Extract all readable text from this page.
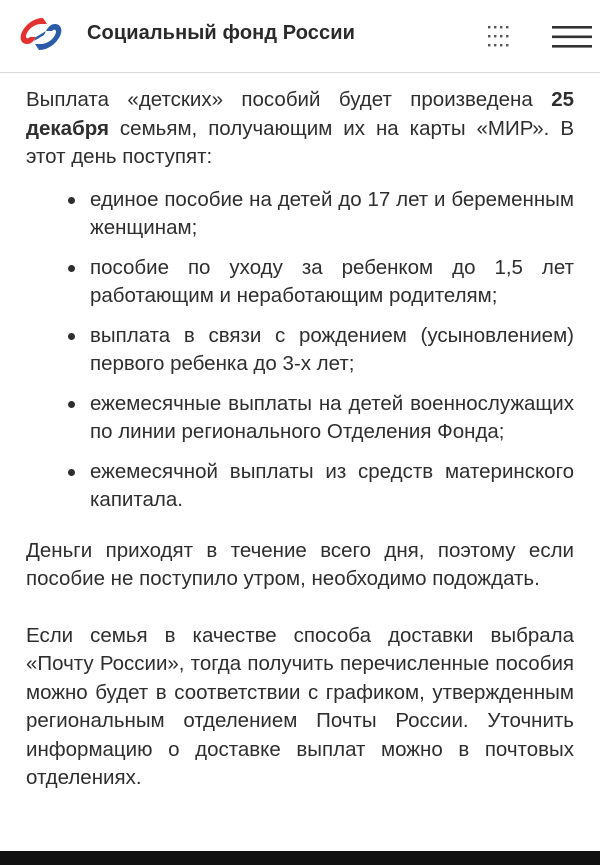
Социальный фонд России

Выплата «детских» пособий будет произведена 25 декабря семьям, получающим их на карты «МИР». В этот день поступят:

единое пособие на детей до 17 лет и беременным женщинам;
пособие по уходу за ребенком до 1,5 лет работающим и неработающим родителям;
выплата в связи с рождением (усыновлением) первого ребенка до 3-х лет;
ежемесячные выплаты на детей военнослужащих по линии регионального Отделения Фонда;
ежемесячной выплаты из средств материнского капитала.

Деньги приходят в течение всего дня, поэтому если пособие не поступило утром, необходимо подождать.

Если семья в качестве способа доставки выбрала «Почту России», тогда получить перечисленные пособия можно будет в соответствии с графиком, утвержденным региональным отделением Почты России. Уточнить информацию о доставке выплат можно в почтовых отделениях.
